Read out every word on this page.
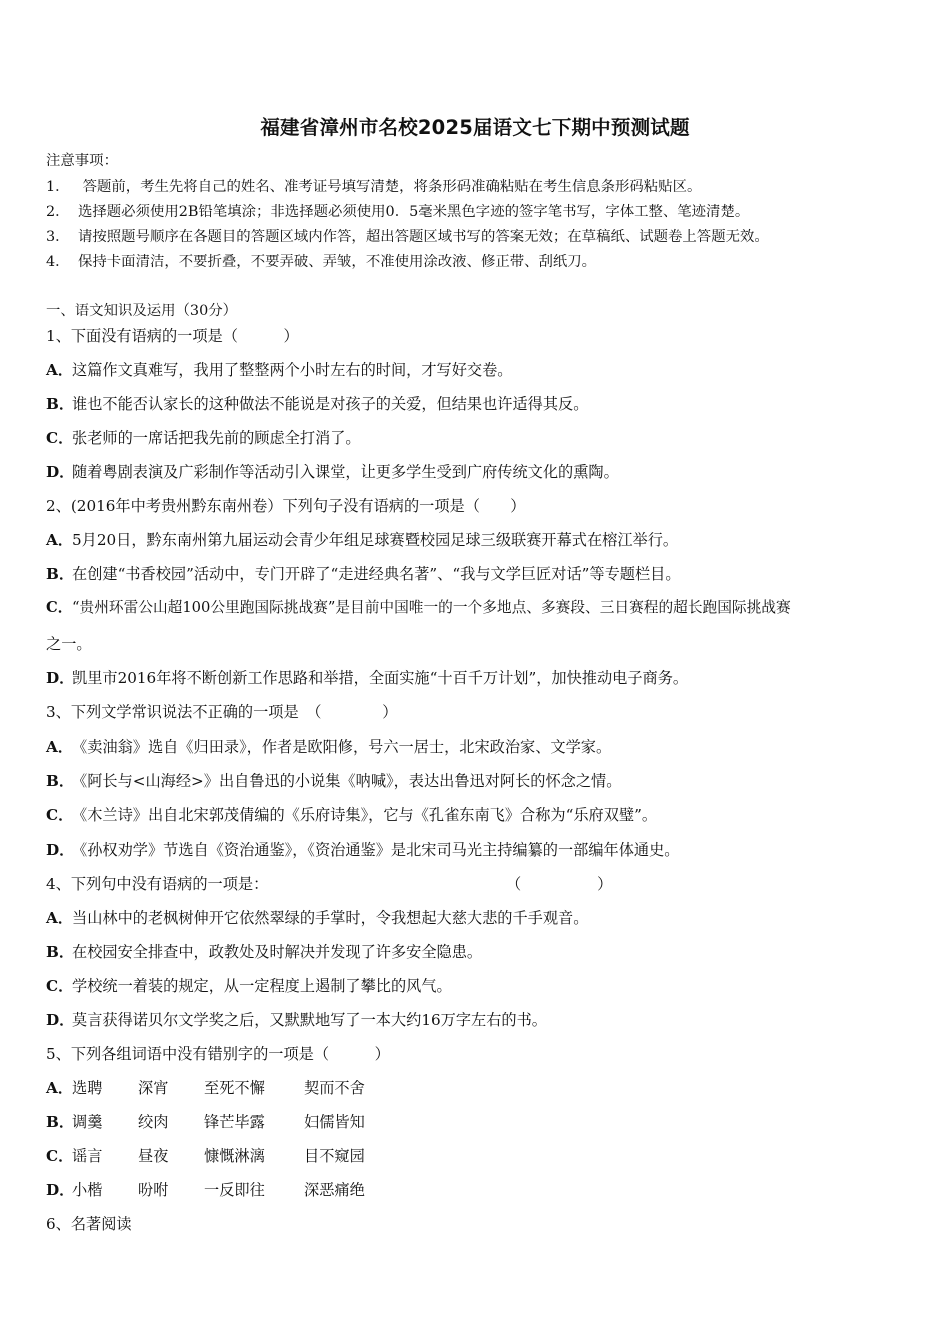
福建省漳州市名校2025届语文七下期中预测试题
注意事项：
1． 答题前，考生先将自己的姓名、准考证号填写清楚，将条形码准确粘贴在考生信息条形码粘贴区。
2． 选择题必须使用2B铅笔填涂；非选择题必须使用0．5毫米黑色字迹的签字笔书写，字体工整、笔迹清楚。
3． 请按照题号顺序在各题目的答题区域内作答，超出答题区域书写的答案无效；在草稿纸、试题卷上答题无效。
4． 保持卡面清洁，不要折叠，不要弄破、弄皱，不准使用涂改液、修正带、刮纸刀。
一、语文知识及运用（30分）
1、下面没有语病的一项是（　　　）
A．这篇作文真难写，我用了整整两个小时左右的时间，才写好交卷。
B．谁也不能否认家长的这种做法不能说是对孩子的关爱，但结果也许适得其反。
C．张老师的一席话把我先前的顾虑全打消了。
D．随着粤剧表演及广彩制作等活动引入课堂，让更多学生受到广府传统文化的熏陶。
2、(2016年中考贵州黔东南州卷）下列句子没有语病的一项是（　　）
A．5月20日，黔东南州第九届运动会青少年组足球赛暨校园足球三级联赛开幕式在榕江举行。
B．在创建“书香校园”活动中，专门开辟了“走进经典名著”、“我与文学巨匠对话”等专题栏目。
C．“贵州环雷公山超100公里跑国际挑战赛”是目前中国唯一的一个多地点、多赛段、三日赛程的超长跑国际挑战赛
之一。
D．凯里市2016年将不断创新工作思路和举措，全面实施“十百千万计划”，加快推动电子商务。
3、下列文学常识说法不正确的一项是　（　　　　）
A．《卖油翁》选自《归田录》，作者是欧阳修，号六一居士，北宋政治家、文学家。
B．《阿长与<山海经>》出自鲁迅的小说集《呐喊》，表达出鲁迅对阿长的怀念之情。
C．《木兰诗》出自北宋郭茂倩编的《乐府诗集》，它与《孔雀东南飞》合称为“乐府双璧”。
D．《孙权劝学》节选自《资治通鉴》，《资治通鉴》是北宋司马光主持编纂的一部编年体通史。
4、下列句中没有语病的一项是：	（　　　　　）
A．当山林中的老枫树伸开它依然翠绿的手掌时，令我想起大慈大悲的千手观音。
B．在校园安全排查中，政教处及时解决并发现了许多安全隐患。
C．学校统一着装的规定，从一定程度上遏制了攀比的风气。
D．莫言获得诺贝尔文学奖之后，又默默地写了一本大约16万字左右的书。
5、下列各组词语中没有错别字的一项是（　　　）
A．选聘 深宵 至死不懈	契而不舍
B．调羹 绞肉 锋芒毕露	妇儒皆知
C．谣言 昼夜 慷慨淋漓	目不窥园
D．小楷 吩咐 一反即往	深恶痛绝
6、名著阅读
